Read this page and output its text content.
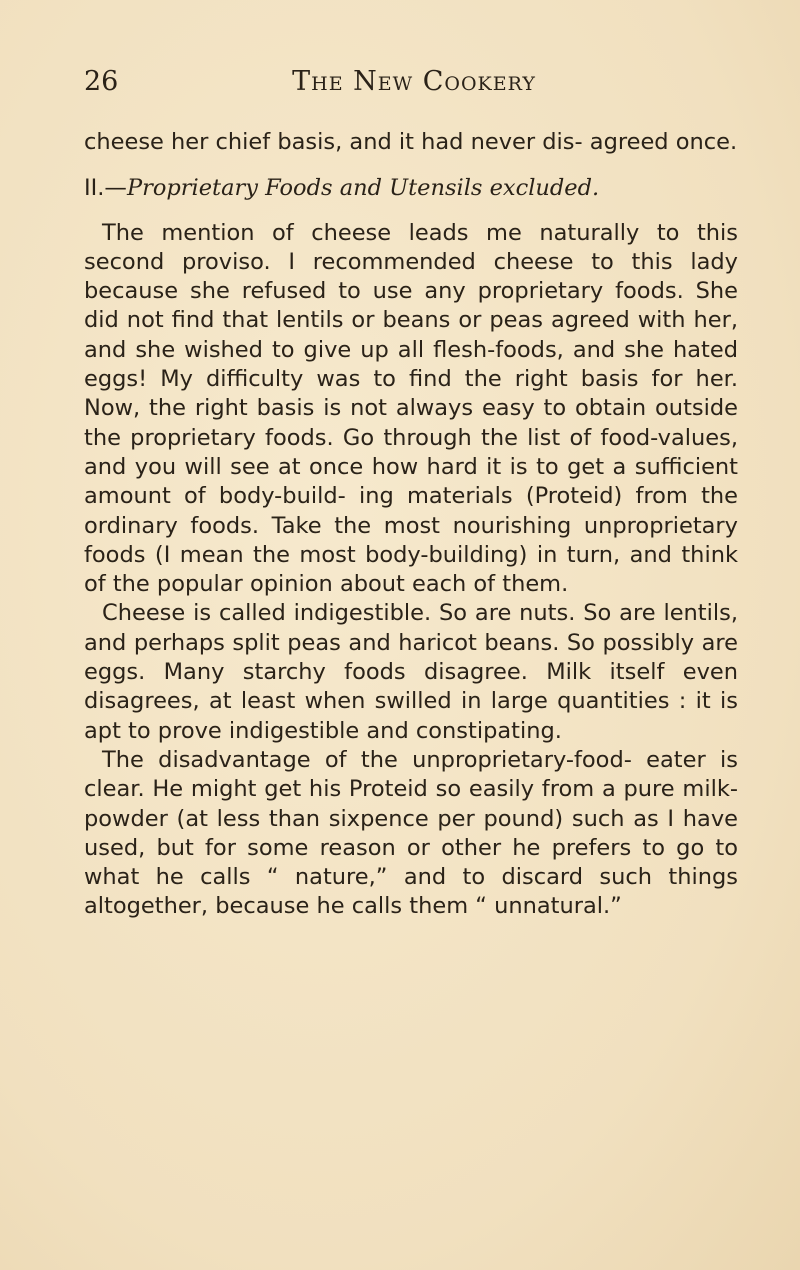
26	The New Cookery

cheese her chief basis, and it had never dis- agreed once.

II.—Proprietary Foods and Utensils excluded.

The mention of cheese leads me naturally to this second proviso. I recommended cheese to this lady because she refused to use any proprietary foods. She did not find that lentils or beans or peas agreed with her, and she wished to give up all flesh-foods, and she hated eggs! My difficulty was to find the right basis for her. Now, the right basis is not always easy to obtain outside the proprietary foods. Go through the list of food-values, and you will see at once how hard it is to get a sufficient amount of body-build- ing materials (Proteid) from the ordinary foods. Take the most nourishing unproprietary foods (I mean the most body-building) in turn, and think of the popular opinion about each of them.

Cheese is called indigestible. So are nuts. So are lentils, and perhaps split peas and haricot beans. So possibly are eggs. Many starchy foods disagree. Milk itself even disagrees, at least when swilled in large quantities : it is apt to prove indigestible and constipating.

The disadvantage of the unproprietary-food- eater is clear. He might get his Proteid so easily from a pure milk-powder (at less than sixpence per pound) such as I have used, but for some reason or other he prefers to go to what he calls “ nature,” and to discard such things altogether, because he calls them “ unnatural.”
